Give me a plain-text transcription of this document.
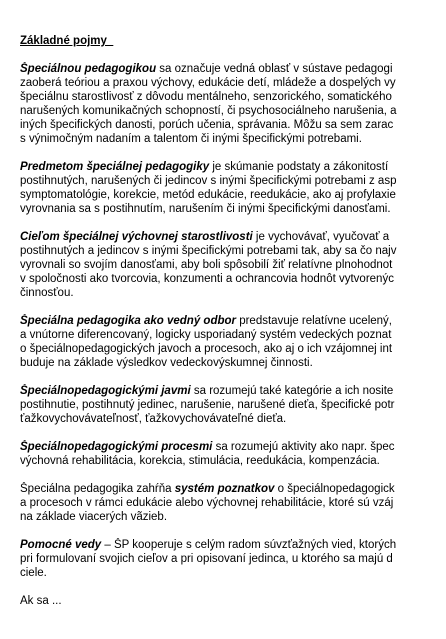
Základné pojmy
Špeciálnou pedagogikou sa označuje vedná oblasť v sústave pedagogi
zaoberá teóriou a praxou výchovy, edukácie detí, mládeže a dospelých vy
špeciálnu starostlivosť z dôvodu mentálneho, senzorického, somatického
narušených komunikačných schopností, či psychosociálneho narušenia, a
iných špecifických danosti, porúch učenia, správania. Môžu sa sem zarac
s výnimočným nadaním a talentom či inými špecifickými potrebami.
Predmetom špeciálnej pedagogiky je skúmanie podstaty a zákonitostí
postihnutých, narušených či jedincov s inými špecifickými potrebami z asp
symptomatológie, korekcie, metód edukácie, reedukácie, ako aj profylaxie
vyrovnania sa s postihnutím, narušením či inými špecifickými danosťami.
Cieľom špeciálnej výchovnej starostlivosti je vychovávať, vyučovať a
postihnutých a jedincov s inými špecifickými potrebami tak, aby sa čo najv
vyrovnali so svojím danosťami, aby boli spôsobilí žiť relatívne plnohodnot
v spoločnosti ako tvorcovia, konzumenti a ochrancovia hodnôt vytvorenýc
činnosťou.
Špeciálna pedagogika ako vedný odbor predstavuje relatívne ucelený,
a vnútorne diferencovaný, logicky usporiadaný systém vedeckých poznat
o špeciálnopedagogických javoch a procesoch, ako aj o ich vzájomnej int
buduje na základe výsledkov vedeckovýskumnej činnosti.
Špeciálnopedagogickými javmi sa rozumejú také kategórie a ich nosite
postihnutie, postihnutý jedinec, narušenie, narušené dieťa, špecifické potr
ťažkovychovávateľnosť, ťažkovychovávateľné dieťa.
Špeciálnopedagogickými procesmi sa rozumejú aktivity ako napr. špec
výchovná rehabilitácia, korekcia, stimulácia, reedukácia, kompenzácia.
Špeciálna pedagogika zahŕňa systém poznatkov o špeciálnopedagogick
a procesoch v rámci edukácie alebo výchovnej rehabilitácie, ktoré sú vzáj
na základe viacerých vãzieb.
Pomocné vedy – ŠP kooperuje s celým radom súvzťažných vied, ktorých
pri formulovaní svojich cieľov a pri opisovaní jedinca, u ktorého sa majú d
ciele.
Ak sa ...
